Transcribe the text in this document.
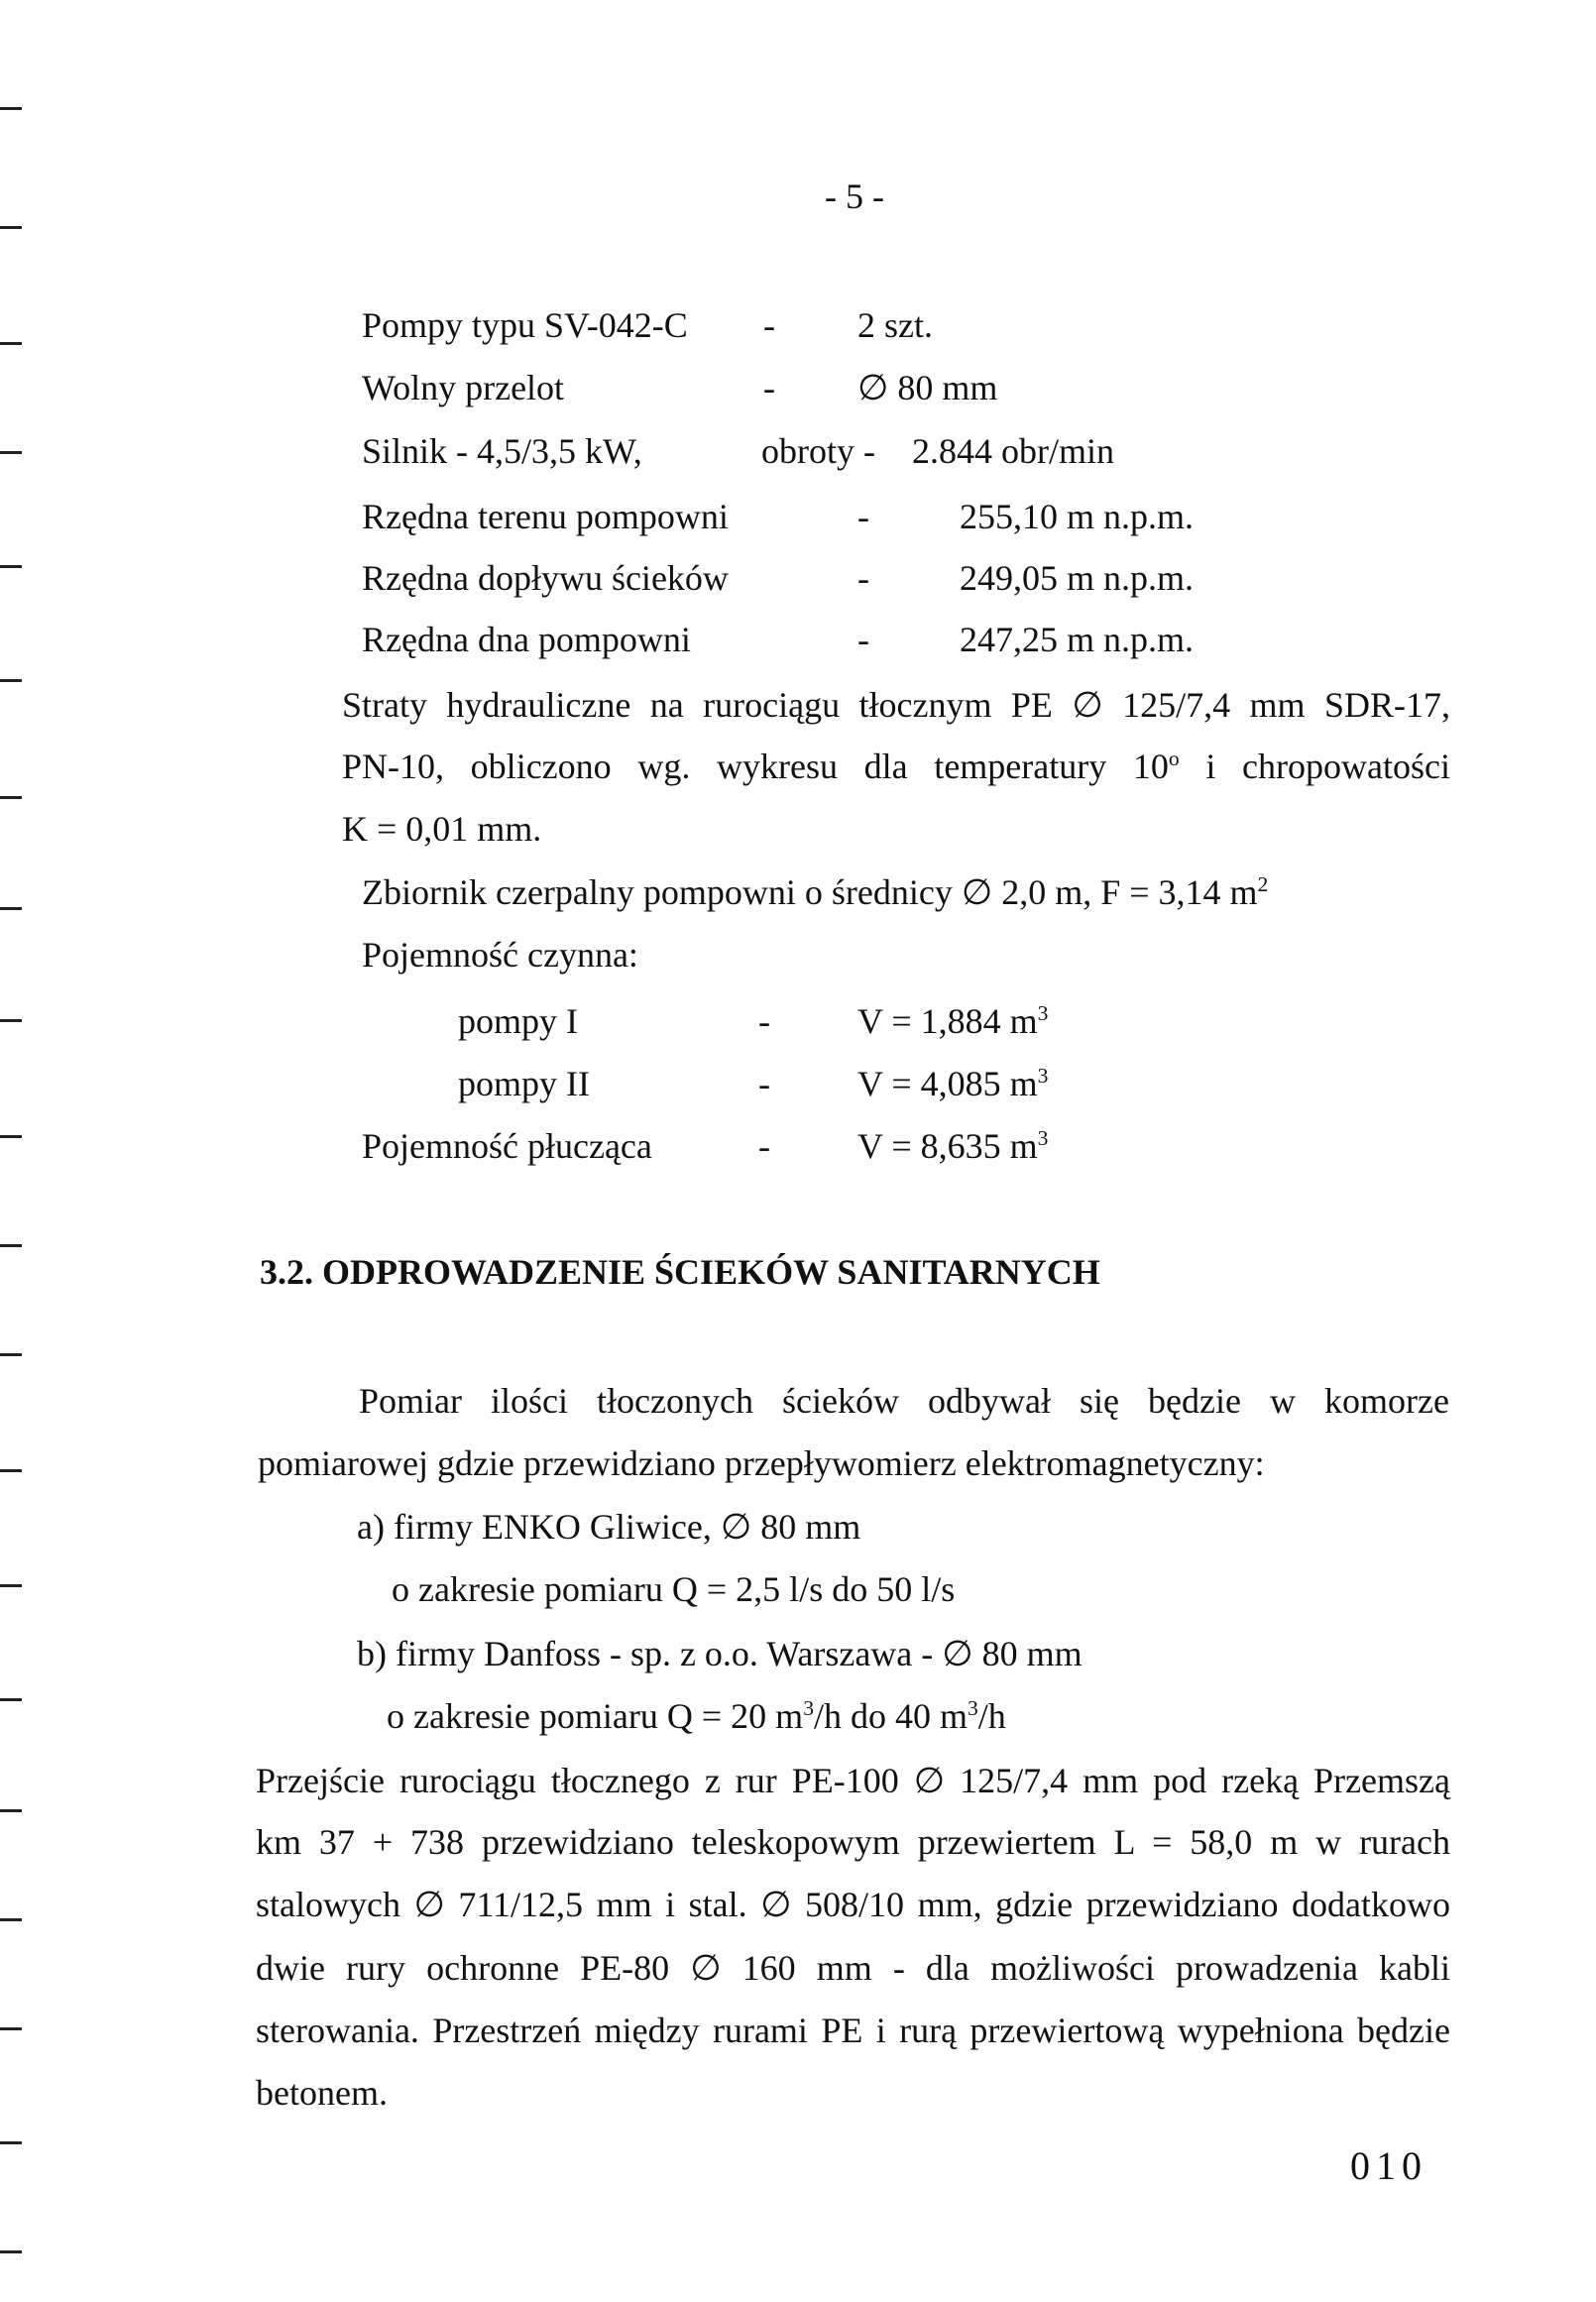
- 5 -
Pompy typu SV-042-C - 2 szt.
Wolny przelot	- ∅ 80 mm
Silnik - 4,5/3,5 kW,	obroty - 2.844 obr/min
Rzędna terenu pompowni	-	255,10 m n.p.m.
Rzędna dopływu ścieków	-	249,05 m n.p.m.
Rzędna dna pompowni	-	247,25 m n.p.m.
Straty hydrauliczne na rurociągu tłocznym PE ∅ 125/7,4 mm SDR-17,
PN-10, obliczono wg. wykresu dla temperatury 10$^o$ i chropowatości
K = 0,01 mm.
Zbiornik czerpalny pompowni o średnicy ∅ 2,0 m, F = 3,14 $m^2$
Pojemność czynna:
pompy I	- V = 1,884 $m^3$
pompy II	- V = 4,085 $m^3$
Pojemność płucząca	- V = 8,635 $m^3$
3.2. ODPROWADZENIE ŚCIEKÓW SANITARNYCH
Pomiar ilości tłoczonych ścieków odbywał się będzie w komorze
pomiarowej gdzie przewidziano przepływomierz elektromagnetyczny:
a) firmy ENKO Gliwice, ∅ 80 mm
o zakresie pomiaru Q = 2,5 l/s do 50 l/s
b) firmy Danfoss - sp. z o.o. Warszawa - ∅ 80 mm
o zakresie pomiaru Q = 20 $m^3/h$ do 40 $m^3/h$
Przejście rurociągu tłocznego z rur PE-100 ∅ 125/7,4 mm pod rzeką Przemszą
km 37 + 738 przewidziano teleskopowym przewiertem L = 58,0 m w rurach
stalowych ∅ 711/12,5 mm i stal. ∅ 508/10 mm, gdzie przewidziano dodatkowo
dwie rury ochronne PE-80 ∅ 160 mm - dla możliwości prowadzenia kabli
sterowania. Przestrzeń między rurami PE i rurą przewiertową wypełniona będzie
betonem.
010
